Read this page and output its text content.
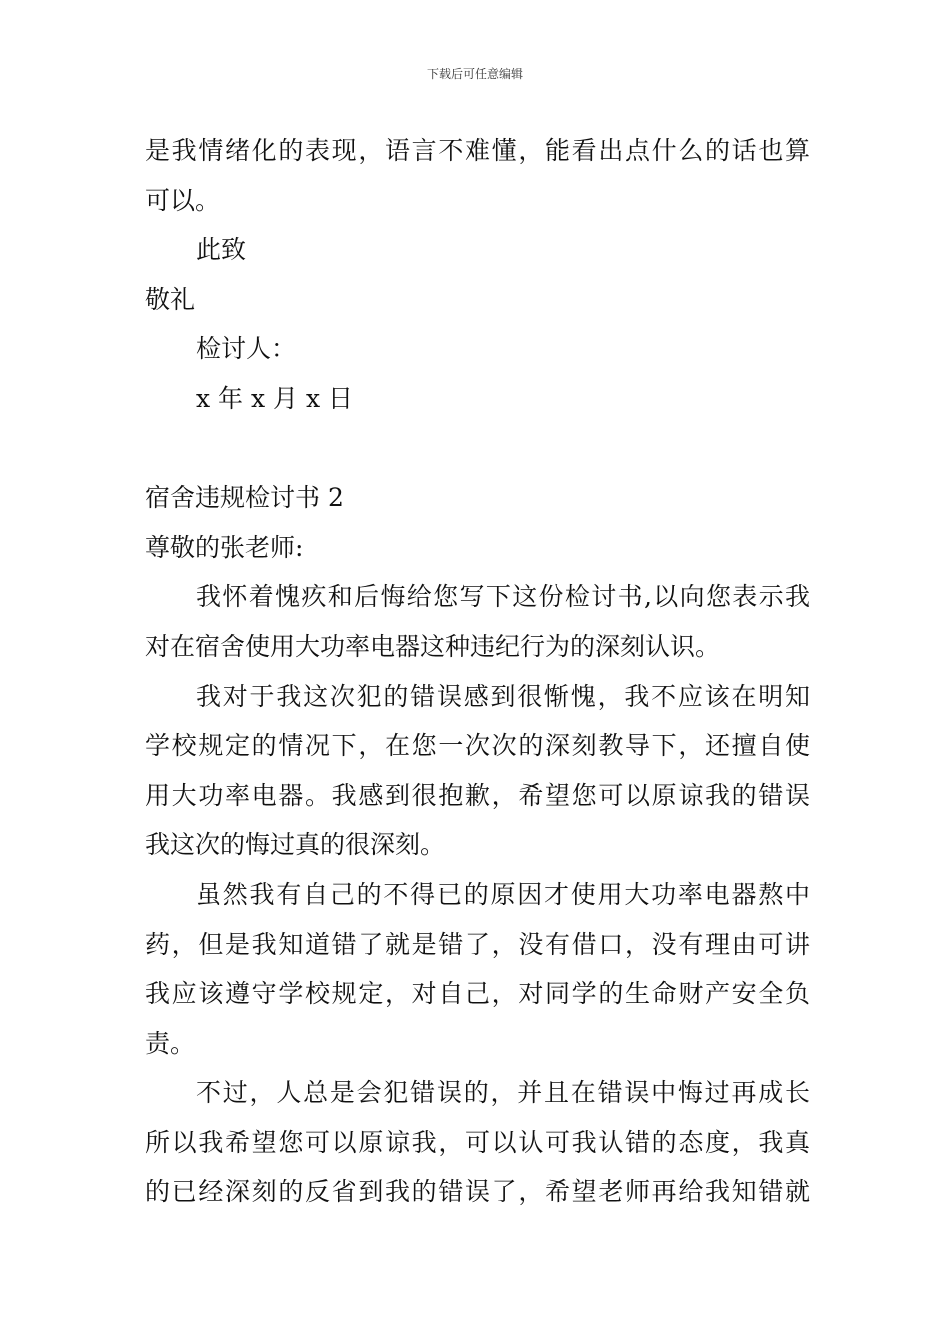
下载后可任意编辑
是我情绪化的表现，语言不难懂，能看出点什么的话也算
可以。
此致
敬礼
检讨人：
x 年 x 月 x 日
宿舍违规检讨书 2
尊敬的张老师:
我怀着愧疚和后悔给您写下这份检讨书,以向您表示我
对在宿舍使用大功率电器这种违纪行为的深刻认识。
我对于我这次犯的错误感到很惭愧，我不应该在明知
学校规定的情况下，在您一次次的深刻教导下，还擅自使
用大功率电器。我感到很抱歉，希望您可以原谅我的错误
我这次的悔过真的很深刻。
虽然我有自己的不得已的原因才使用大功率电器熬中
药，但是我知道错了就是错了，没有借口，没有理由可讲
我应该遵守学校规定，对自己，对同学的生命财产安全负
责。
不过，人总是会犯错误的，并且在错误中悔过再成长
所以我希望您可以原谅我，可以认可我认错的态度，我真
的已经深刻的反省到我的错误了，希望老师再给我知错就
